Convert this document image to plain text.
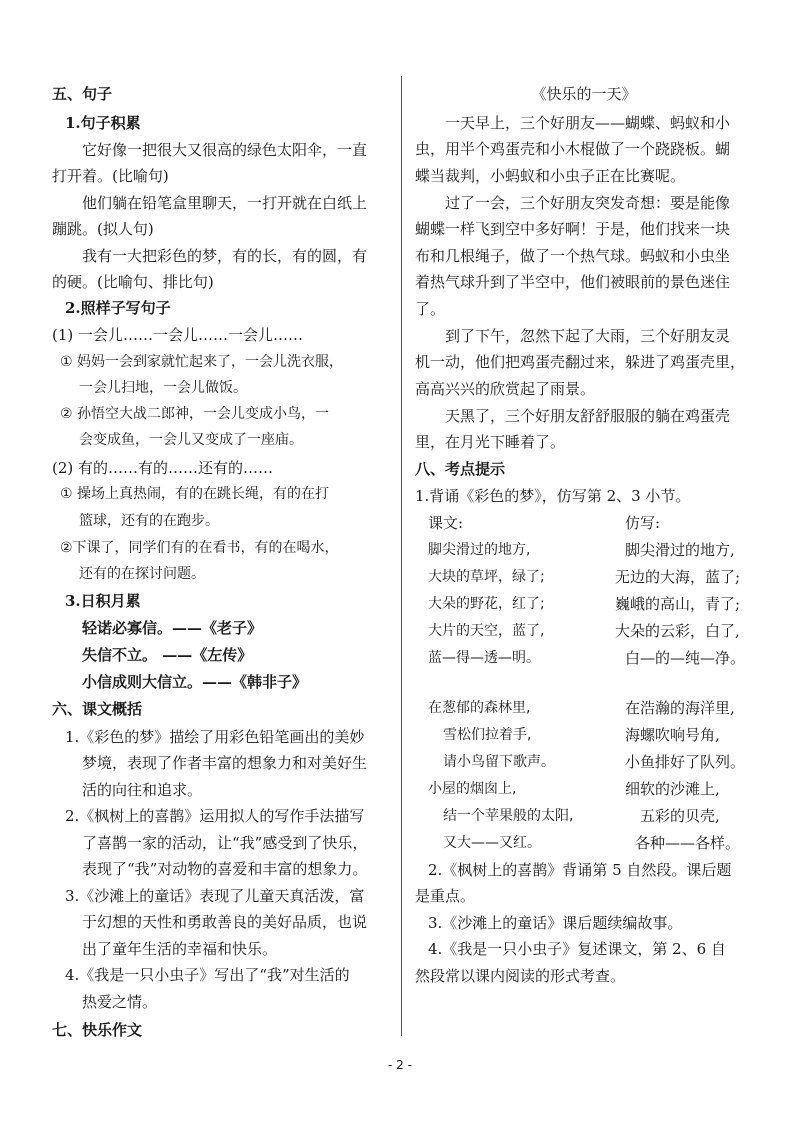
五、句子
1.句子积累
它好像一把很大又很高的绿色太阳伞，一直
打开着。(比喻句)
他们躺在铅笔盒里聊天，一打开就在白纸上
蹦跳。(拟人句)
我有一大把彩色的梦，有的长，有的圆，有
的硬。(比喻句、排比句)
2.照样子写句子
(1) 一会儿……一会儿……一会儿……
① 妈妈一会到家就忙起来了，一会儿洗衣服，
一会儿扫地，一会儿做饭。
② 孙悟空大战二郎神，一会儿变成小鸟，一
会变成鱼，一会儿又变成了一座庙。
(2) 有的……有的……还有的……
① 操场上真热闹，有的在跳长绳，有的在打
篮球，还有的在跑步。
②下课了，同学们有的在看书，有的在喝水，
还有的在探讨问题。
3.日积月累
轻诺必寡信。——《老子》
失信不立。 ——《左传》
小信成则大信立。——《韩非子》
六、课文概括
1.《彩色的梦》描绘了用彩色铅笔画出的美妙
梦境，表现了作者丰富的想象力和对美好生
活的向往和追求。
2.《枫树上的喜鹊》运用拟人的写作手法描写
了喜鹊一家的活动，让“我”感受到了快乐，
表现了“我”对动物的喜爱和丰富的想象力。
3.《沙滩上的童话》表现了儿童天真活泼，富
于幻想的天性和勇敢善良的美好品质，也说
出了童年生活的幸福和快乐。
4.《我是一只小虫子》写出了“我”对生活的
热爱之情。
七、快乐作文
《快乐的一天》
一天早上，三个好朋友——蝴蝶、蚂蚁和小
虫，用半个鸡蛋壳和小木棍做了一个跷跷板。蝴
蝶当裁判，小蚂蚁和小虫子正在比赛呢。
过了一会，三个好朋友突发奇想：要是能像
蝴蝶一样飞到空中多好啊！于是，他们找来一块
布和几根绳子，做了一个热气球。蚂蚁和小虫坐
着热气球升到了半空中，他们被眼前的景色迷住
了。
到了下午，忽然下起了大雨，三个好朋友灵
机一动，他们把鸡蛋壳翻过来，躲进了鸡蛋壳里，
高高兴兴的欣赏起了雨景。
天黑了，三个好朋友舒舒服服的躺在鸡蛋壳
里，在月光下睡着了。
八、考点提示
1.背诵《彩色的梦》，仿写第 2、3 小节。
课文:	仿写:
脚尖滑过的地方,	脚尖滑过的地方,
大块的草坪，绿了;	无边的大海，蓝了;
大朵的野花，红了;	巍峨的高山，青了;
大片的天空，蓝了,	大朵的云彩，白了,
蓝—得—透—明。	白—的—纯—净。
在葱郁的森林里,	在浩瀚的海洋里,
雪松们拉着手,	海螺吹响号角,
请小鸟留下歌声。	小鱼排好了队列。
小屋的烟囱上,	细软的沙滩上,
结一个苹果般的太阳,	五彩的贝壳,
又大——又红。	各种——各样。
2.《枫树上的喜鹊》背诵第 5 自然段。课后题
是重点。
3.《沙滩上的童话》课后题续编故事。
4.《我是一只小虫子》复述课文，第 2、6 自
然段常以课内阅读的形式考查。
- 2 -
